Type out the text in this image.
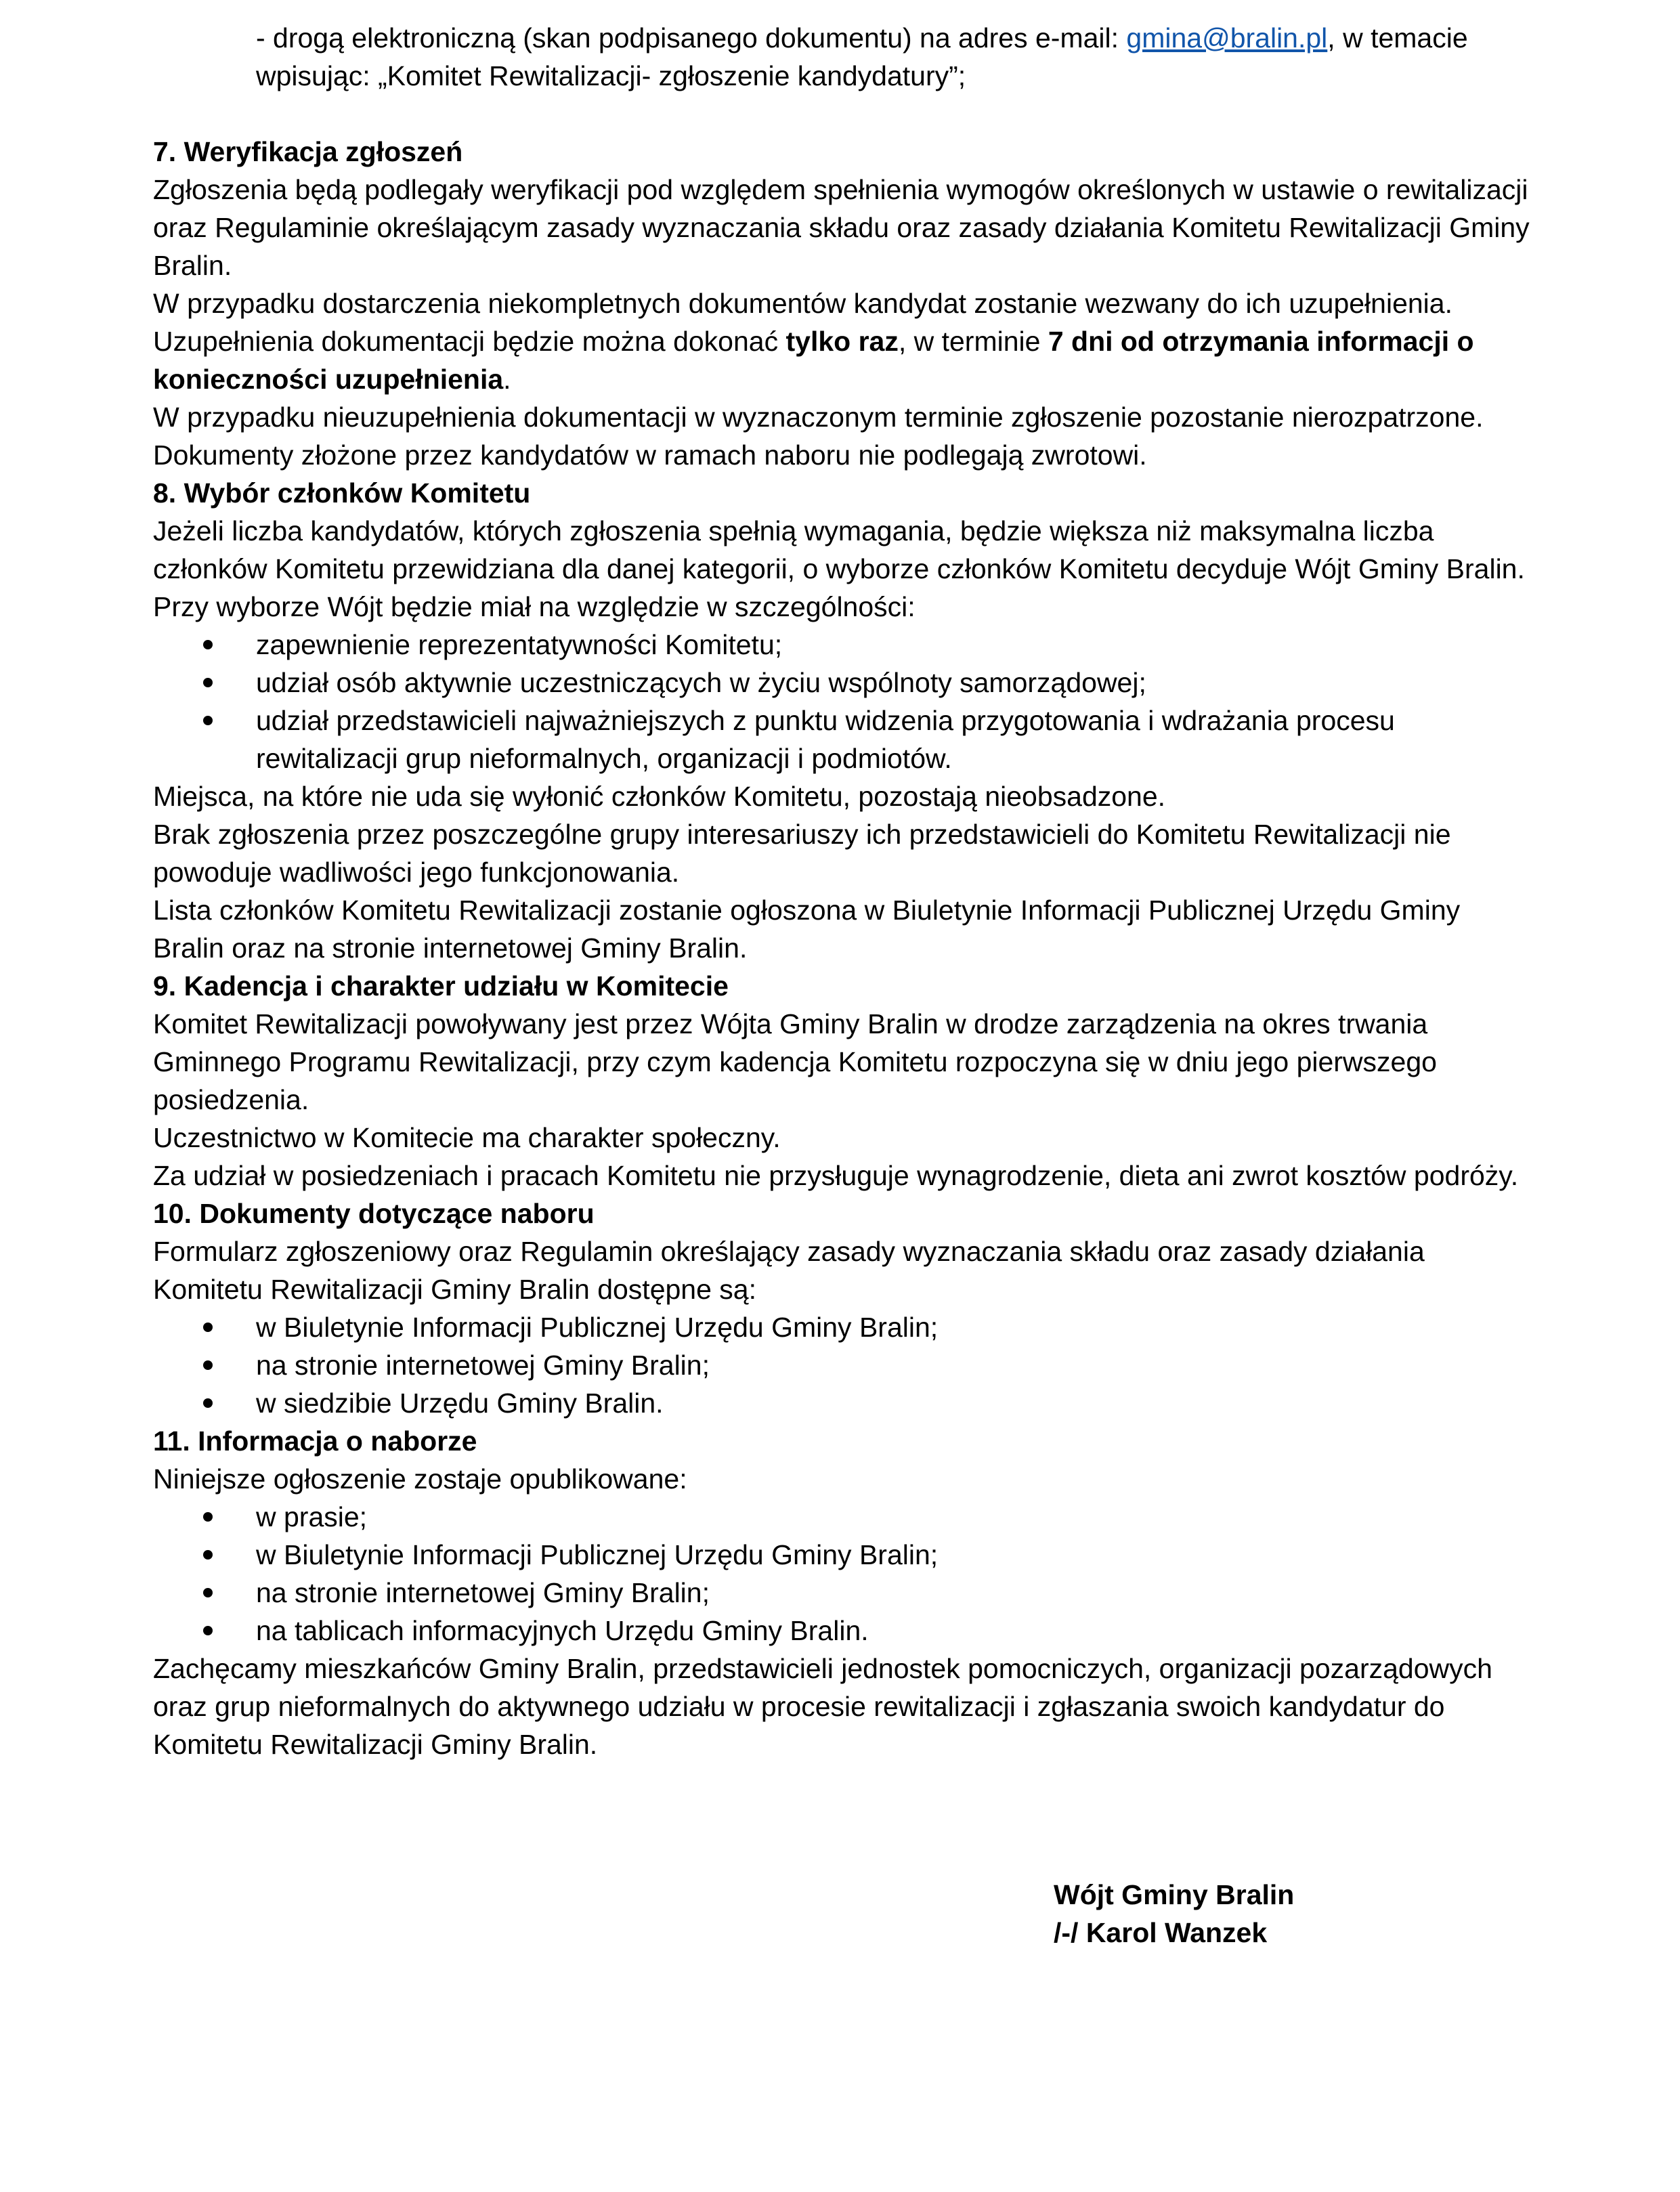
- drogą elektroniczną (skan podpisanego dokumentu) na adres e-mail: gmina@bralin.pl, w temacie

wpisując: „Komitet Rewitalizacji- zgłoszenie kandydatury”;

7. Weryfikacja zgłoszeń

Zgłoszenia będą podlegały weryfikacji pod względem spełnienia wymogów określonych w ustawie o rewitalizacji oraz Regulaminie określającym zasady wyznaczania składu oraz zasady działania Komitetu Rewitalizacji Gminy Bralin.

W przypadku dostarczenia niekompletnych dokumentów kandydat zostanie wezwany do ich uzupełnienia.

Uzupełnienia dokumentacji będzie można dokonać tylko raz, w terminie 7 dni od otrzymania informacji o konieczności uzupełnienia.

W przypadku nieuzupełnienia dokumentacji w wyznaczonym terminie zgłoszenie pozostanie nierozpatrzone.

Dokumenty złożone przez kandydatów w ramach naboru nie podlegają zwrotowi.

8. Wybór członków Komitetu

Jeżeli liczba kandydatów, których zgłoszenia spełnią wymagania, będzie większa niż maksymalna liczba członków Komitetu przewidziana dla danej kategorii, o wyborze członków Komitetu decyduje Wójt Gminy Bralin.

Przy wyborze Wójt będzie miał na względzie w szczególności:

zapewnienie reprezentatywności Komitetu;
udział osób aktywnie uczestniczących w życiu wspólnoty samorządowej;
udział przedstawicieli najważniejszych z punktu widzenia przygotowania i wdrażania procesu rewitalizacji grup nieformalnych, organizacji i podmiotów.

Miejsca, na które nie uda się wyłonić członków Komitetu, pozostają nieobsadzone.

Brak zgłoszenia przez poszczególne grupy interesariuszy ich przedstawicieli do Komitetu Rewitalizacji nie powoduje wadliwości jego funkcjonowania.

Lista członków Komitetu Rewitalizacji zostanie ogłoszona w Biuletynie Informacji Publicznej Urzędu Gminy Bralin oraz na stronie internetowej Gminy Bralin.

9. Kadencja i charakter udziału w Komitecie

Komitet Rewitalizacji powoływany jest przez Wójta Gminy Bralin w drodze zarządzenia na okres trwania Gminnego Programu Rewitalizacji, przy czym kadencja Komitetu rozpoczyna się w dniu jego pierwszego posiedzenia.

Uczestnictwo w Komitecie ma charakter społeczny.

Za udział w posiedzeniach i pracach Komitetu nie przysługuje wynagrodzenie, dieta ani zwrot kosztów podróży.

10. Dokumenty dotyczące naboru

Formularz zgłoszeniowy oraz Regulamin określający zasady wyznaczania składu oraz zasady działania Komitetu Rewitalizacji Gminy Bralin dostępne są:

w Biuletynie Informacji Publicznej Urzędu Gminy Bralin;
na stronie internetowej Gminy Bralin;
w siedzibie Urzędu Gminy Bralin.

11. Informacja o naborze

Niniejsze ogłoszenie zostaje opublikowane:

w prasie;
w Biuletynie Informacji Publicznej Urzędu Gminy Bralin;
na stronie internetowej Gminy Bralin;
na tablicach informacyjnych Urzędu Gminy Bralin.

Zachęcamy mieszkańców Gminy Bralin, przedstawicieli jednostek pomocniczych, organizacji pozarządowych oraz grup nieformalnych do aktywnego udziału w procesie rewitalizacji i zgłaszania swoich kandydatur do Komitetu Rewitalizacji Gminy Bralin.

Wójt Gminy Bralin
/-/ Karol Wanzek
